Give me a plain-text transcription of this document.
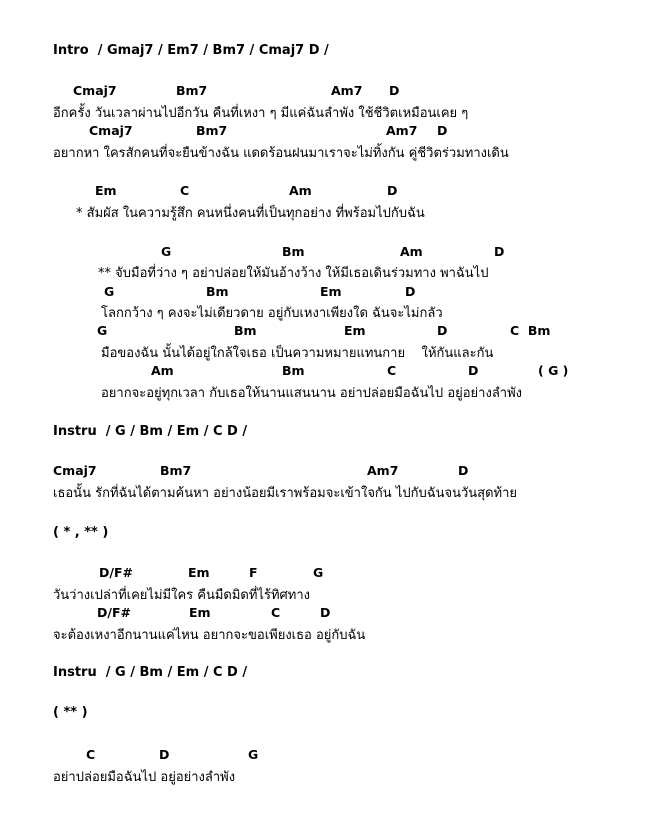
Intro  / Gmaj7 / Em7 / Bm7 / Cmaj7 D /
Cmaj7	Bm7	Am7 D
อีกครั้ง วันเวลาผ่านไปอีกวัน คืนที่เหงา ๆ มีแค่ฉันลำพัง ใช้ชีวิตเหมือนเคย ๆ
Cmaj7	Bm7	Am7 D
อยากหา ใครสักคนที่จะยืนข้างฉัน แดดร้อนฝนมาเราจะไม่ทิ้งกัน คู่ชีวิตร่วมทางเดิน
Em	C	Am	D
* สัมผัส ในความรู้สึก คนหนึ่งคนที่เป็นทุกอย่าง ที่พร้อมไปกับฉัน
G	Bm	Am	D
** จับมือที่ว่าง ๆ อย่าปล่อยให้มันอ้างว้าง ให้มีเธอเดินร่วมทาง พาฉันไป
G	Bm	Em	D
โลกกว้าง ๆ คงจะไม่เดียวดาย อยู่กับเหงาเพียงใด ฉันจะไม่กลัว
G	Bm	Em	D	C  Bm
มือของฉัน นั้นได้อยู่ใกล้ใจเธอ เป็นความหมายแทนกาย    ให้กันและกัน
Am	Bm	C	D	( G )
อยากจะอยู่ทุกเวลา กับเธอให้นานแสนนาน อย่าปล่อยมือฉันไป อยู่อย่างลำพัง
Instru  / G / Bm / Em / C D /
Cmaj7	Bm7	Am7	D
เธอนั้น รักที่ฉันได้ตามค้นหา อย่างน้อยมีเราพร้อมจะเข้าใจกัน ไปกับฉันจนวันสุดท้าย
( * , ** )
D/F#	Em	F	G
วันว่างเปล่าที่เคยไม่มีใคร คืนมืดมิดที่ไร้ทิศทาง
D/F#	Em	C	D
จะต้องเหงาอีกนานแค่ไหน อยากจะขอเพียงเธอ อยู่กับฉัน
Instru  / G / Bm / Em / C D /
( ** )
C	D	G
อย่าปล่อยมือฉันไป อยู่อย่างลำพัง
